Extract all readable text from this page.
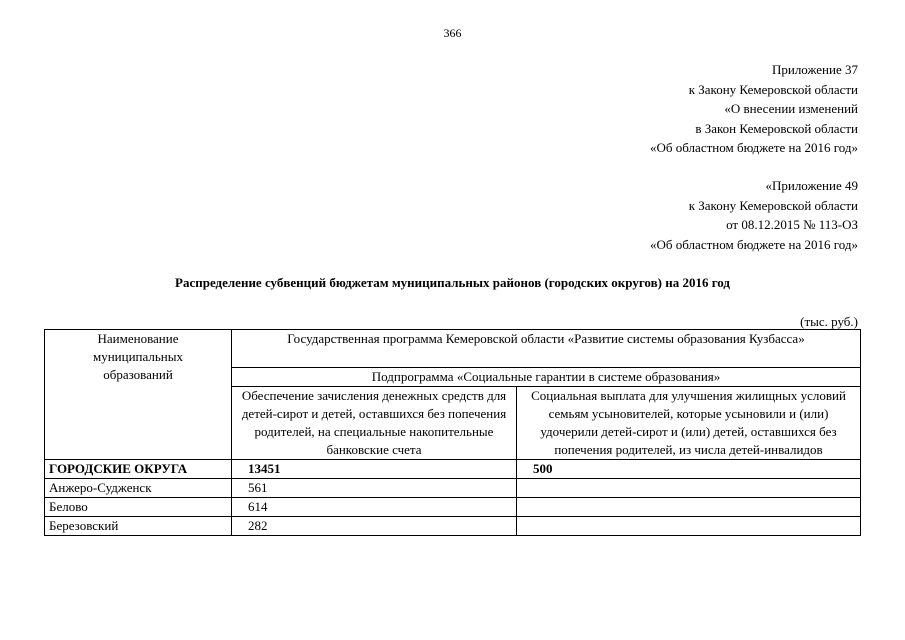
366
Приложение 37
к Закону Кемеровской области
«О внесении изменений
в Закон Кемеровской области
«Об областном бюджете на 2016 год»
«Приложение 49
к Закону Кемеровской области
от 08.12.2015 № 113-ОЗ
«Об областном бюджете на 2016 год»
Распределение субвенций бюджетам муниципальных районов (городских округов) на 2016 год
(тыс. руб.)
Наименование муниципальных образований	Государственная программа Кемеровской области «Развитие системы образования Кузбасса»	
	Подпрограмма «Социальные гарантии в системе образования»	
	Обеспечение зачисления денежных средств для детей-сирот и детей, оставшихся без попечения родителей, на специальные накопительные банковские счета	Социальная выплата для улучшения жилищных условий семьям усыновителей, которые усыновили и (или) удочерили детей-сирот и (или) детей, оставшихся без попечения родителей, из числа детей-инвалидов
ГОРОДСКИЕ ОКРУГА	13451	500
Анжеро-Судженск	561	
Белово	614	
Березовский	282	
